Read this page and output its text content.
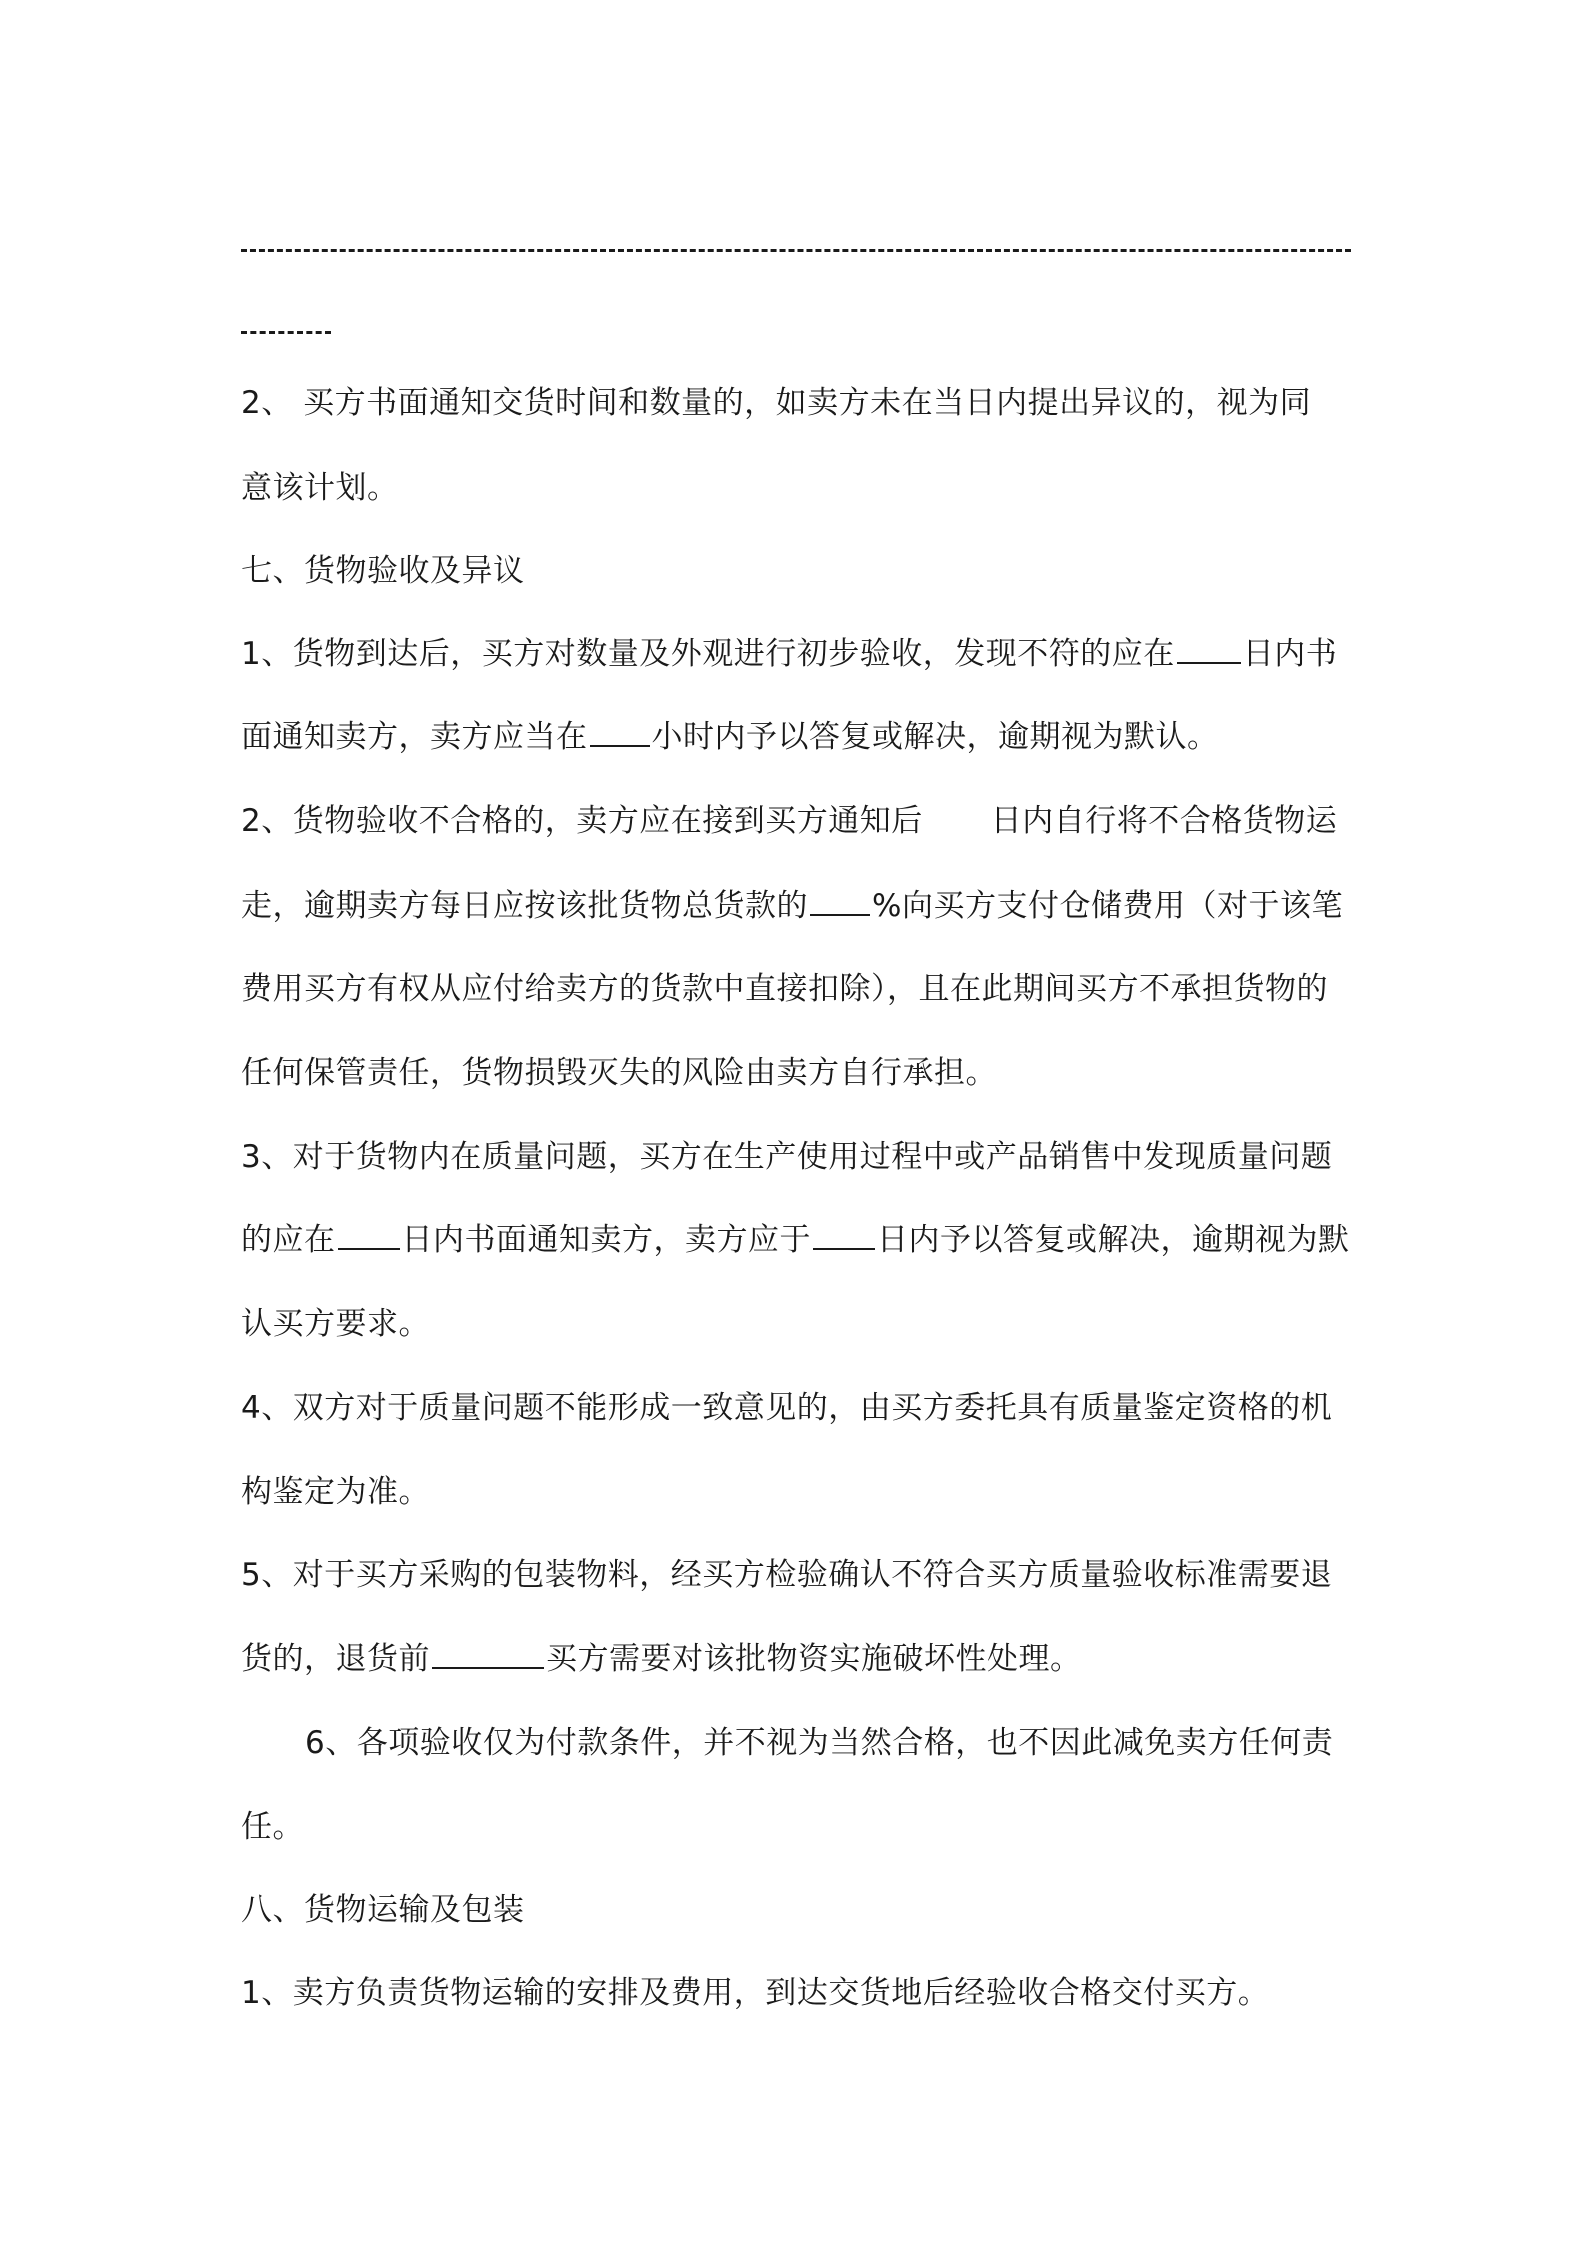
2、 买方书面通知交货时间和数量的，如卖方未在当日内提出异议的，视为同
意该计划。
七、货物验收及异议
1、货物到达后，买方对数量及外观进行初步验收，发现不符的应在 日内书
面通知卖方，卖方应当在 小时内予以答复或解决，逾期视为默认。
2、货物验收不合格的，卖方应在接到买方通知后 日内自行将不合格货物运
走，逾期卖方每日应按该批货物总货款的 %向买方支付仓储费用（对于该笔
费用买方有权从应付给卖方的货款中直接扣除），且在此期间买方不承担货物的
任何保管责任，货物损毁灭失的风险由卖方自行承担。
3、对于货物内在质量问题，买方在生产使用过程中或产品销售中发现质量问题
的应在 日内书面通知卖方，卖方应于 日内予以答复或解决，逾期视为默
认买方要求。
4、双方对于质量问题不能形成一致意见的，由买方委托具有质量鉴定资格的机
构鉴定为准。
5、对于买方采购的包装物料，经买方检验确认不符合买方质量验收标准需要退
货的，退货前	买方需要对该批物资实施破坏性处理。
6、各项验收仅为付款条件，并不视为当然合格，也不因此减免卖方任何责
任。
八、货物运输及包装
1、卖方负责货物运输的安排及费用，到达交货地后经验收合格交付买方。
